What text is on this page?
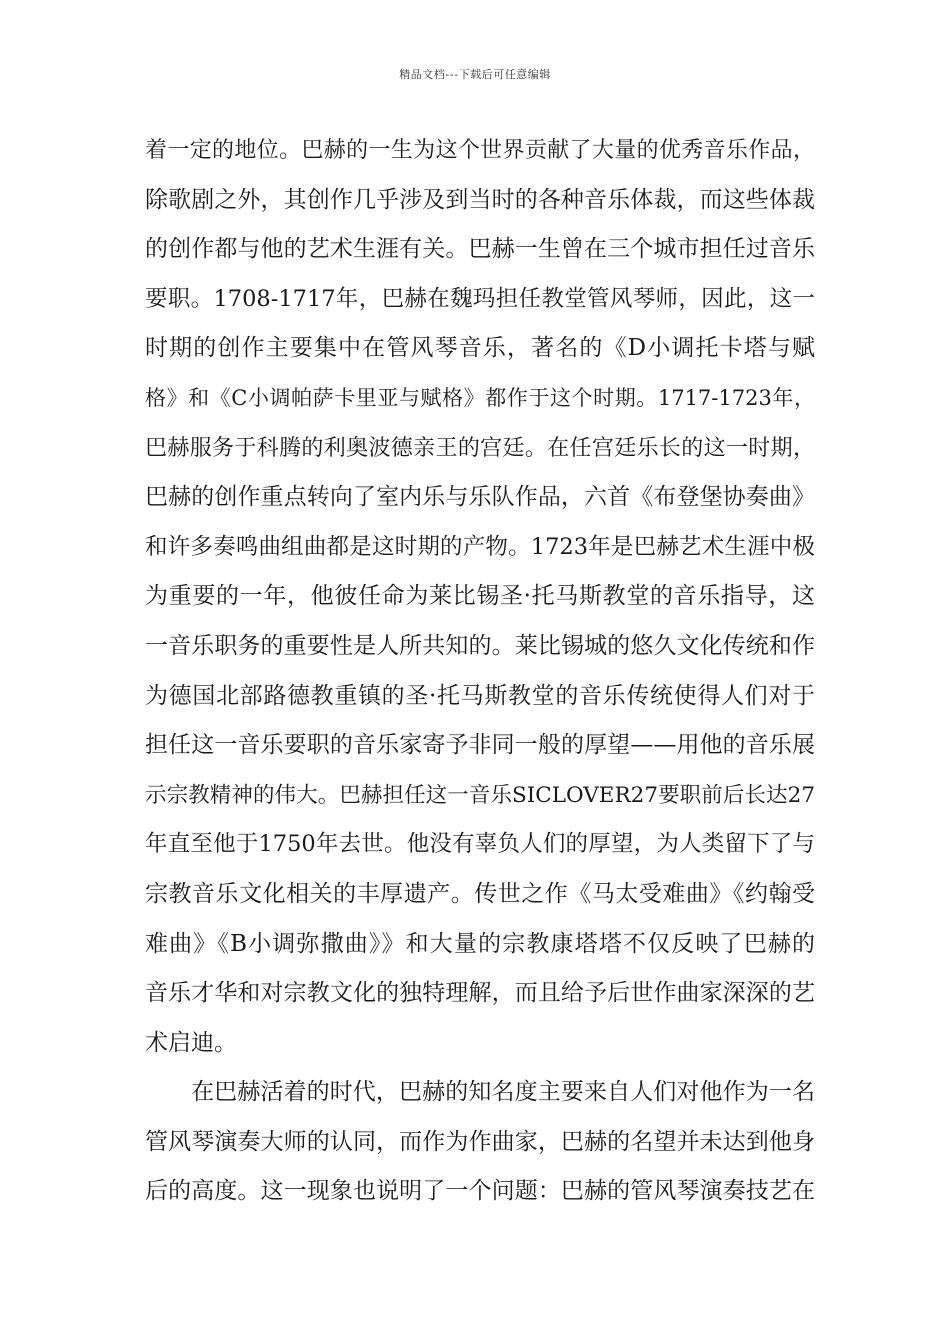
精品文档---下载后可任意编辑
着一定的地位。巴赫的一生为这个世界贡献了大量的优秀音乐作品，
除歌剧之外，其创作几乎涉及到当时的各种音乐体裁，而这些体裁
的创作都与他的艺术生涯有关。巴赫一生曾在三个城市担任过音乐
要职。1708-1717年，巴赫在魏玛担任教堂管风琴师，因此，这一
时期的创作主要集中在管风琴音乐，著名的《D小调托卡塔与赋
格》和《C小调帕萨卡里亚与赋格》都作于这个时期。1717-1723年，
巴赫服务于科腾的利奥波德亲王的宫廷。在任宫廷乐长的这一时期，
巴赫的创作重点转向了室内乐与乐队作品，六首《布登堡协奏曲》
和许多奏鸣曲组曲都是这时期的产物。1723年是巴赫艺术生涯中极
为重要的一年，他彼任命为莱比锡圣·托马斯教堂的音乐指导，这
一音乐职务的重要性是人所共知的。莱比锡城的悠久文化传统和作
为德国北部路德教重镇的圣·托马斯教堂的音乐传统使得人们对于
担任这一音乐要职的音乐家寄予非同一般的厚望——用他的音乐展
示宗教精神的伟大。巴赫担任这一音乐SICLOVER27要职前后长达27
年直至他于1750年去世。他没有辜负人们的厚望，为人类留下了与
宗教音乐文化相关的丰厚遗产。传世之作《马太受难曲》《约翰受
难曲》《B小调弥撒曲》》和大量的宗教康塔塔不仅反映了巴赫的
音乐才华和对宗教文化的独特理解，而且给予后世作曲家深深的艺
术启迪。
在巴赫活着的时代，巴赫的知名度主要来自人们对他作为一名
管风琴演奏大师的认同，而作为作曲家，巴赫的名望并未达到他身
后的高度。这一现象也说明了一个问题：巴赫的管风琴演奏技艺在
